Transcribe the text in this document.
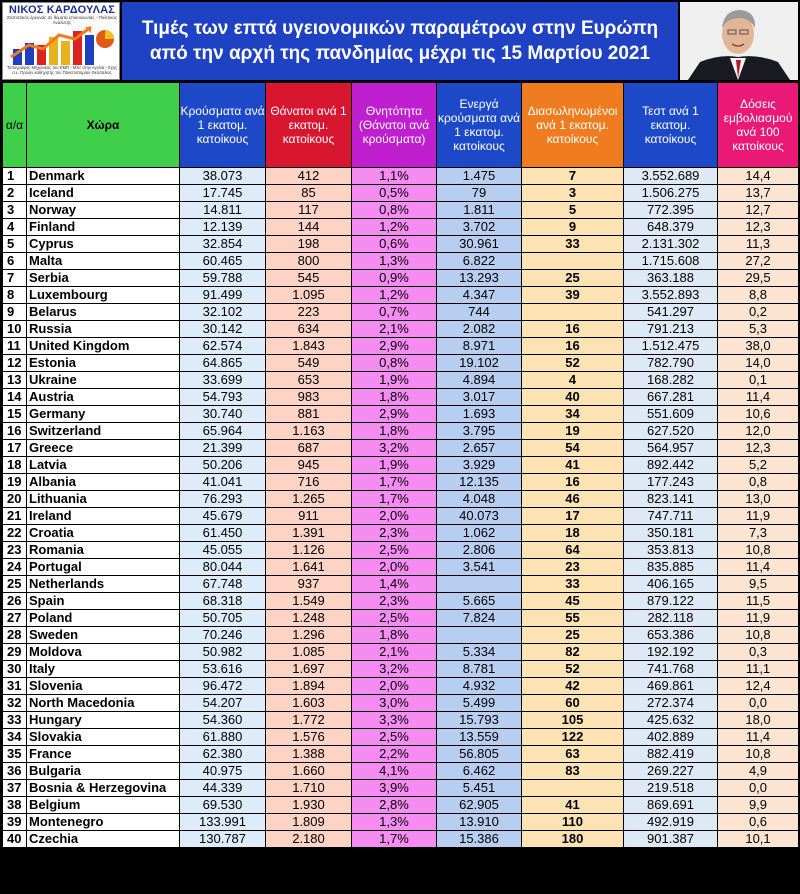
ΝΙΚΟΣ ΚΑΡΔΟΥΛΑΣ
Στατιστικός έρευνας σε θέματα επικοινωνίας - Πολιτικός Αναλυτής
Τοπογράφος Μηχανικός του ΕΜΠ - MSc στην Αγγλία - Σχης σ.ε. Πρώην καθηγητής του Πανεπιστημίου Θεσσαλίας
Τιμές των επτά υγειονομικών παραμέτρων στην Ευρώπη
από την αρχή της πανδημίας μέχρι τις 15 Μαρτίου 2021
α/α	Χώρα	Κρούσματα ανά 1 εκατομ. κατοίκους	Θάνατοι ανά 1 εκατομ. κατοίκους	Θνητότητα (Θάνατοι ανά κρούσματα)	Ενεργά κρούσματα ανά 1 εκατομ. κατοίκους	Διασωληνωμένοι ανά 1 εκατομ. κατοίκους	Τεστ ανά 1 εκατομ. κατοίκους	Δόσεις εμβολιασμού ανά 100 κατοίκους
1	Denmark	38.073	412	1,1%	1.475	7	3.552.689	14,4
2	Iceland	17.745	85	0,5%	79	3	1.506.275	13,7
3	Norway	14.811	117	0,8%	1.811	5	772.395	12,7
4	Finland	12.139	144	1,2%	3.702	9	648.379	12,3
5	Cyprus	32.854	198	0,6%	30.961	33	2.131.302	11,3
6	Malta	60.465	800	1,3%	6.822		1.715.608	27,2
7	Serbia	59.788	545	0,9%	13.293	25	363.188	29,5
8	Luxembourg	91.499	1.095	1,2%	4.347	39	3.552.893	8,8
9	Belarus	32.102	223	0,7%	744		541.297	0,2
10	Russia	30.142	634	2,1%	2.082	16	791.213	5,3
11	United Kingdom	62.574	1.843	2,9%	8.971	16	1.512.475	38,0
12	Estonia	64.865	549	0,8%	19.102	52	782.790	14,0
13	Ukraine	33.699	653	1,9%	4.894	4	168.282	0,1
14	Austria	54.793	983	1,8%	3.017	40	667.281	11,4
15	Germany	30.740	881	2,9%	1.693	34	551.609	10,6
16	Switzerland	65.964	1.163	1,8%	3.795	19	627.520	12,0
17	Greece	21.399	687	3,2%	2.657	54	564.957	12,3
18	Latvia	50.206	945	1,9%	3.929	41	892.442	5,2
19	Albania	41.041	716	1,7%	12.135	16	177.243	0,8
20	Lithuania	76.293	1.265	1,7%	4.048	46	823.141	13,0
21	Ireland	45.679	911	2,0%	40.073	17	747.711	11,9
22	Croatia	61.450	1.391	2,3%	1.062	18	350.181	7,3
23	Romania	45.055	1.126	2,5%	2.806	64	353.813	10,8
24	Portugal	80.044	1.641	2,0%	3.541	23	835.885	11,4
25	Netherlands	67.748	937	1,4%		33	406.165	9,5
26	Spain	68.318	1.549	2,3%	5.665	45	879.122	11,5
27	Poland	50.705	1.248	2,5%	7.824	55	282.118	11,9
28	Sweden	70.246	1.296	1,8%		25	653.386	10,8
29	Moldova	50.982	1.085	2,1%	5.334	82	192.192	0,3
30	Italy	53.616	1.697	3,2%	8.781	52	741.768	11,1
31	Slovenia	96.472	1.894	2,0%	4.932	42	469.861	12,4
32	North Macedonia	54.207	1.603	3,0%	5.499	60	272.374	0,0
33	Hungary	54.360	1.772	3,3%	15.793	105	425.632	18,0
34	Slovakia	61.880	1.576	2,5%	13.559	122	402.889	11,4
35	France	62.380	1.388	2,2%	56.805	63	882.419	10,8
36	Bulgaria	40.975	1.660	4,1%	6.462	83	269.227	4,9
37	Bosnia & Herzegovina	44.339	1.710	3,9%	5.451		219.518	0,0
38	Belgium	69.530	1.930	2,8%	62.905	41	869.691	9,9
39	Montenegro	133.991	1.809	1,3%	13.910	110	492.919	0,6
40	Czechia	130.787	2.180	1,7%	15.386	180	901.387	10,1
